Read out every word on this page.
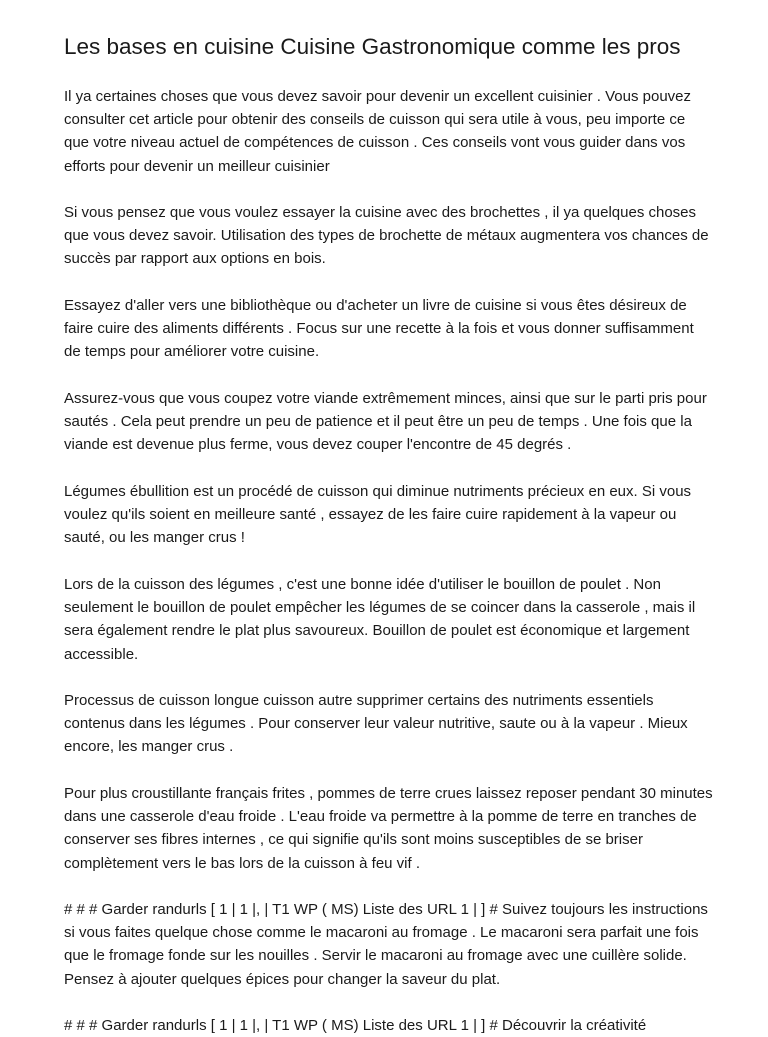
Les bases en cuisine Cuisine Gastronomique comme les pros

Il ya certaines choses que vous devez savoir pour devenir un excellent cuisinier . Vous pouvez consulter cet article pour obtenir des conseils de cuisson qui sera utile à vous, peu importe ce que votre niveau actuel de compétences de cuisson . Ces conseils vont vous guider dans vos efforts pour devenir un meilleur cuisinier

Si vous pensez que vous voulez essayer la cuisine avec des brochettes , il ya quelques choses que vous devez savoir. Utilisation des types de brochette de métaux augmentera vos chances de succès par rapport aux options en bois.

Essayez d'aller vers une bibliothèque ou d'acheter un livre de cuisine si vous êtes désireux de faire cuire des aliments différents . Focus sur une recette à la fois et vous donner suffisamment de temps pour améliorer votre cuisine.

Assurez-vous que vous coupez votre viande extrêmement minces, ainsi que sur le parti pris pour sautés . Cela peut prendre un peu de patience et il peut être un peu de temps . Une fois que la viande est devenue plus ferme, vous devez couper l'encontre de 45 degrés .

Légumes ébullition est un procédé de cuisson qui diminue nutriments précieux en eux. Si vous voulez qu'ils soient en meilleure santé , essayez de les faire cuire rapidement à la vapeur ou sauté, ou les manger crus !

Lors de la cuisson des légumes , c'est une bonne idée d'utiliser le bouillon de poulet . Non seulement le bouillon de poulet empêcher les légumes de se coincer dans la casserole , mais il sera également rendre le plat plus savoureux. Bouillon de poulet est économique et largement accessible.

Processus de cuisson longue cuisson autre supprimer certains des nutriments essentiels contenus dans les légumes . Pour conserver leur valeur nutritive, saute ou à la vapeur . Mieux encore, les manger crus .

Pour plus croustillante français frites , pommes de terre crues laissez reposer pendant 30 minutes dans une casserole d'eau froide . L'eau froide va permettre à la pomme de terre en tranches de conserver ses fibres internes , ce qui signifie qu'ils sont moins susceptibles de se briser complètement vers le bas lors de la cuisson à feu vif .

# # # Garder randurls [ 1 | 1 |, | T1 WP ( MS) Liste des URL 1 | ] # Suivez toujours les instructions si vous faites quelque chose comme le macaroni au fromage . Le macaroni sera parfait une fois que le fromage fonde sur les nouilles . Servir le macaroni au fromage avec une cuillère solide. Pensez à ajouter quelques épices pour changer la saveur du plat.

# # # Garder randurls [ 1 | 1 |, | T1 WP ( MS) Liste des URL 1 | ] # Découvrir la créativité
